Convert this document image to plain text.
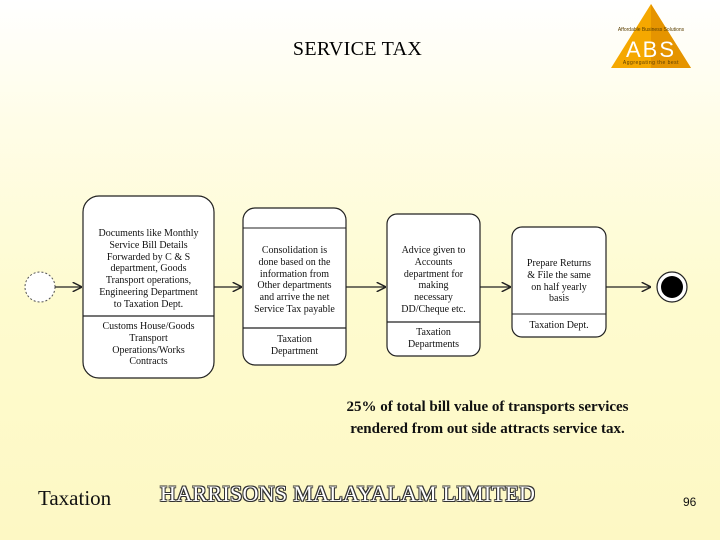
SERVICE TAX
Affordable Business Solutions
ABS
Aggregating the best
Documents like Monthly
Service Bill Details
Forwarded by C & S
department, Goods
Transport operations,
Engineering Department
to Taxation Dept.
Customs House/Goods
Transport
Operations/Works
Contracts
Consolidation is
done based on the
information from
Other departments
and arrive the net
Service Tax payable
Taxation
Department
Advice given to
Accounts
department for
making
necessary
DD/Cheque etc.
Taxation
Departments
Prepare Returns
& File the same
on half yearly
basis
Taxation Dept.
25% of total bill value of transports services
rendered from out side attracts service tax.
Taxation HARRISONS MALAYALAM LIMITED	96
